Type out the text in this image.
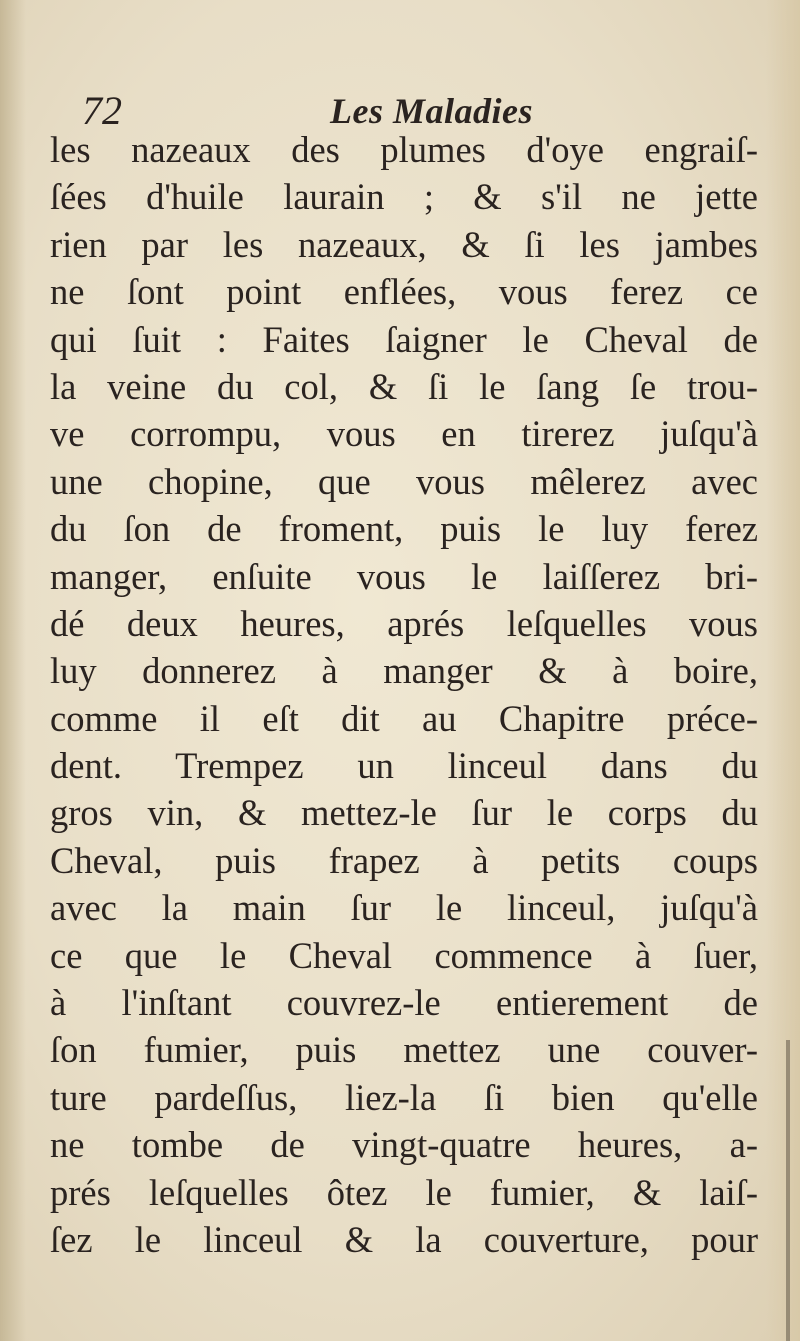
72	Les Maladies
les nazeaux des plumes d'oye engraiſ-
ſées d'huile laurain ; & s'il ne jette
rien par les nazeaux, & ſi les jambes
ne ſont point enflées, vous ferez ce
qui ſuit : Faites ſaigner le Cheval de
la veine du col, & ſi le ſang ſe trou-
ve corrompu, vous en tirerez juſqu'à
une chopine, que vous mêlerez avec
du ſon de froment, puis le luy ferez
manger, enſuite vous le laiſſerez bri-
dé deux heures, aprés leſquelles vous
luy donnerez à manger & à boire,
comme il eſt dit au Chapitre préce-
dent. Trempez un linceul dans du
gros vin, & mettez-le ſur le corps du
Cheval, puis frapez à petits coups
avec la main ſur le linceul, juſqu'à
ce que le Cheval commence à ſuer,
à l'inſtant couvrez-le entierement de
ſon fumier, puis mettez une couver-
ture pardeſſus, liez-la ſi bien qu'elle
ne tombe de vingt-quatre heures, a-
prés leſquelles ôtez le fumier, & laiſ-
ſez le linceul & la couverture, pour
